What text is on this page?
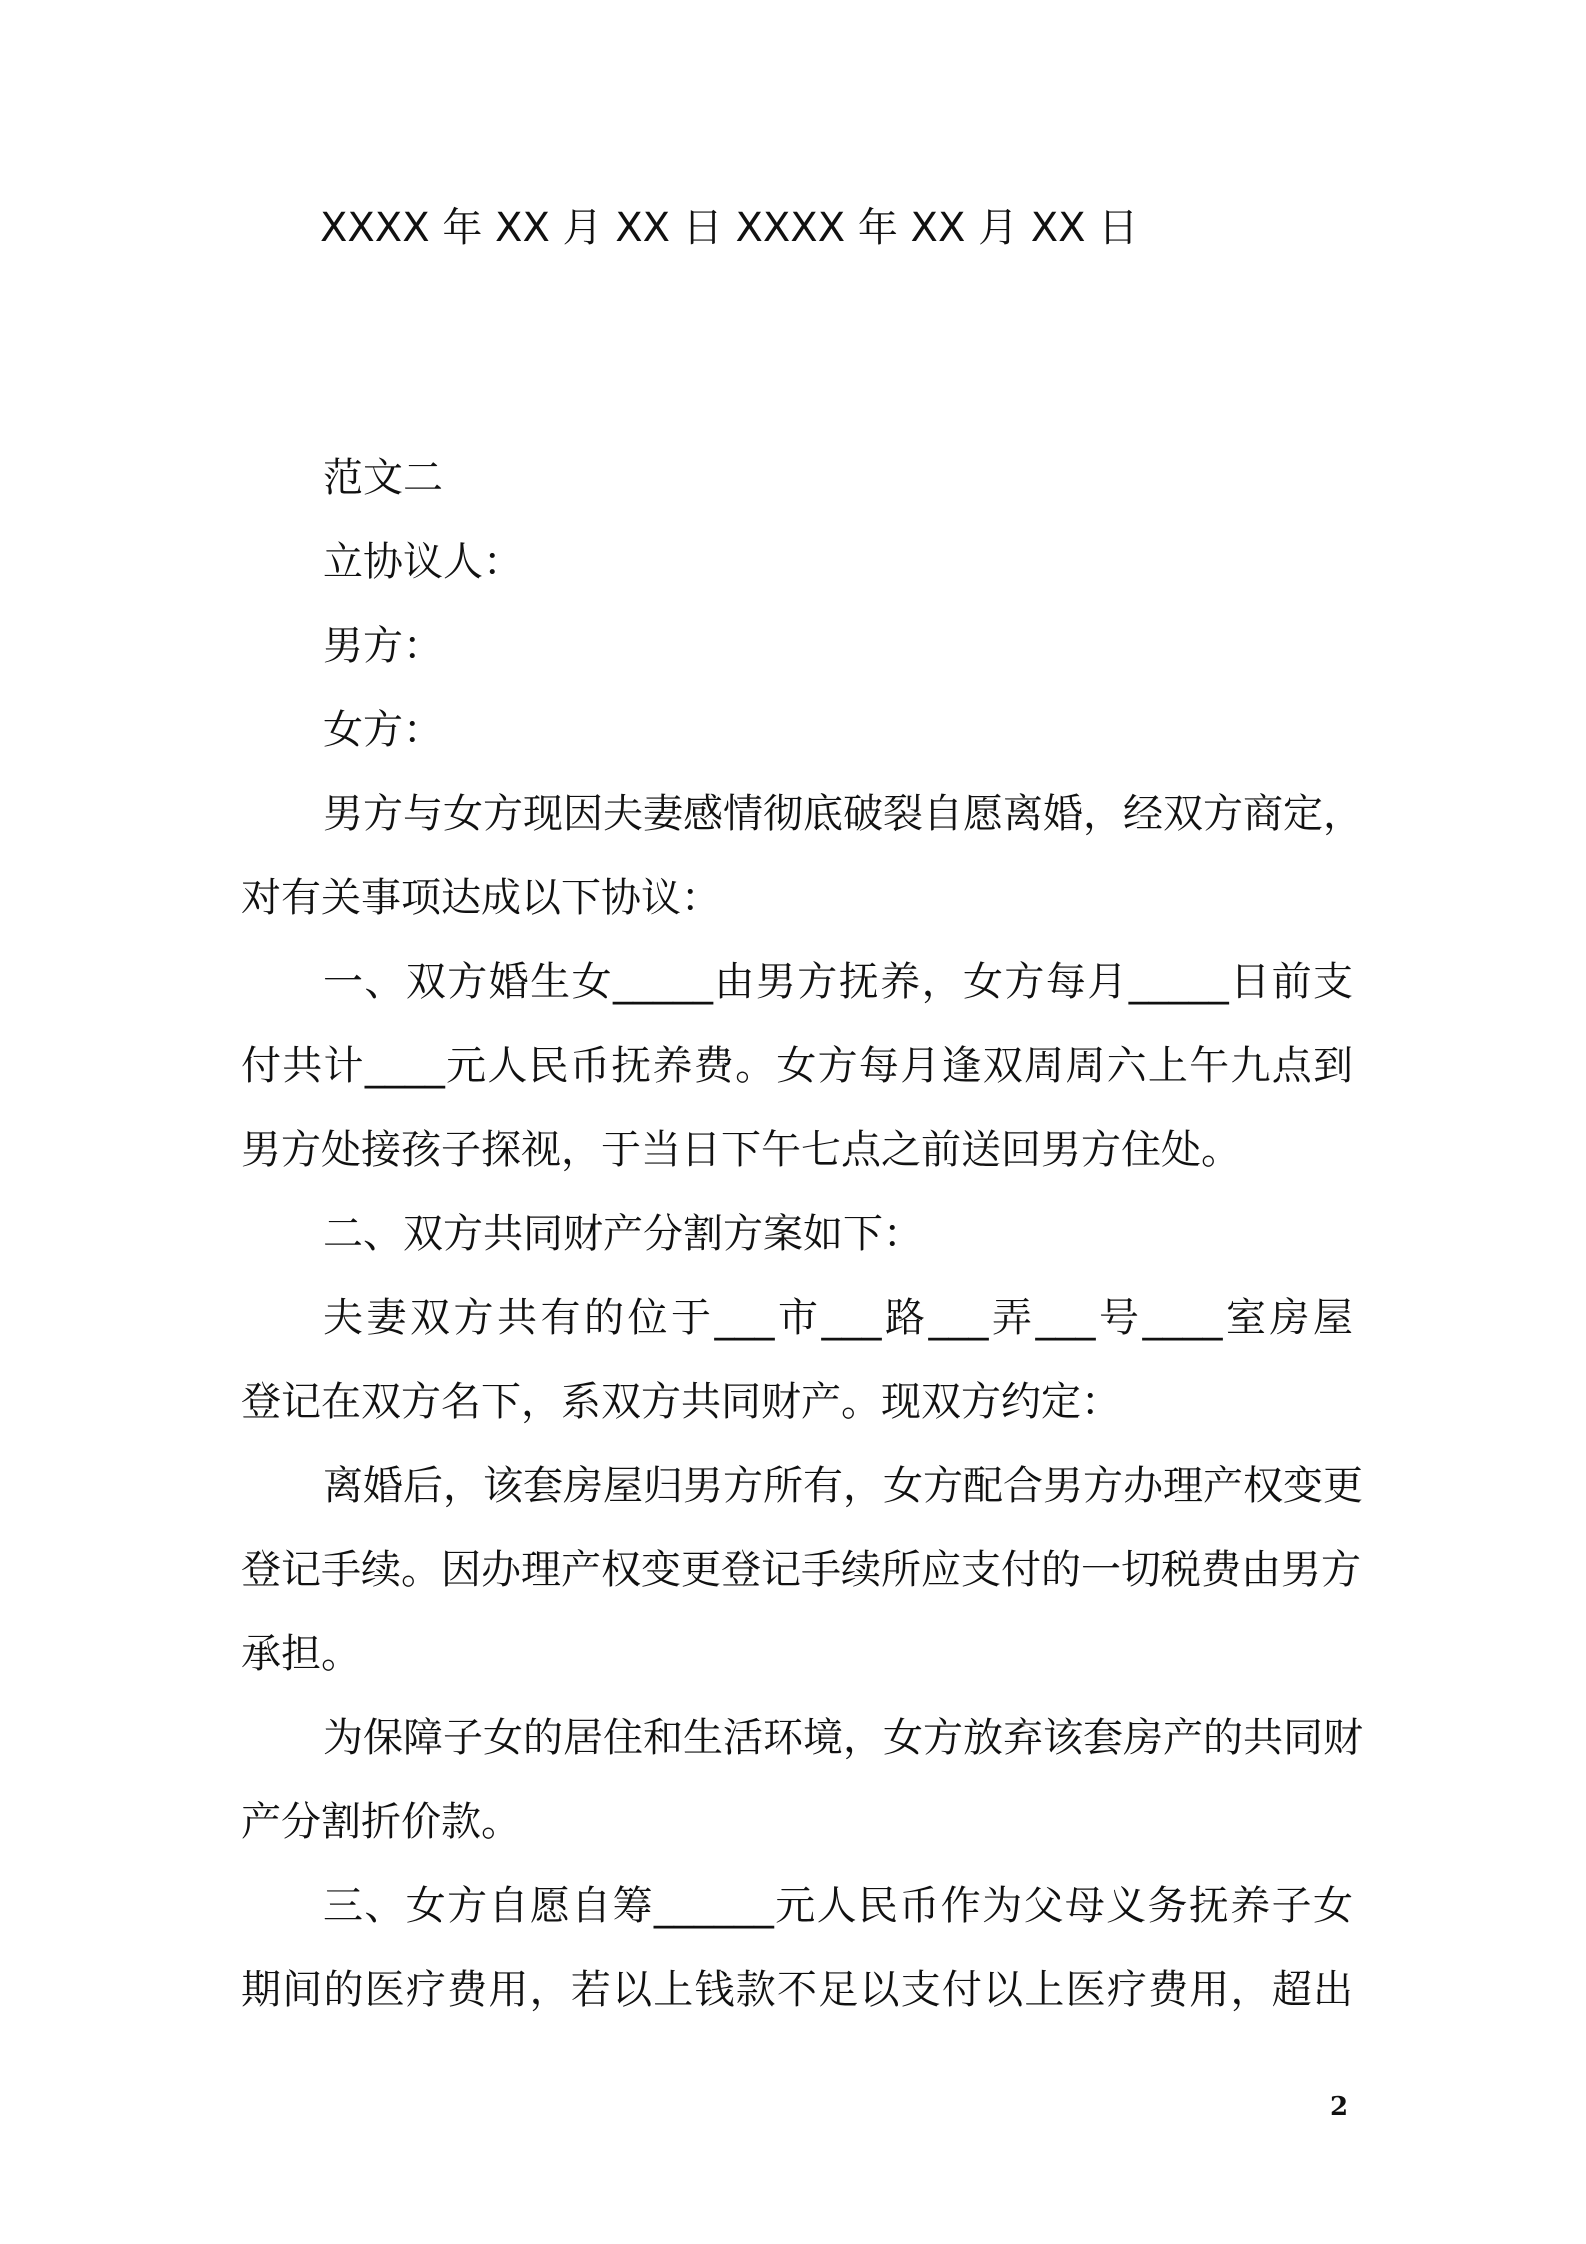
XXXX 年 XX 月 XX 日 XXXX 年 XX 月 XX 日
范文二
立协议人：
男方：
女方：
男方与女方现因夫妻感情彻底破裂自愿离婚，经双方商定，
对有关事项达成以下协议：
一、双方婚生女_____由男方抚养，女方每月_____日前支
付共计____元人民币抚养费。女方每月逢双周周六上午九点到
男方处接孩子探视，于当日下午七点之前送回男方住处。
二、双方共同财产分割方案如下：
夫妻双方共有的位于___市___路___弄___号____室房屋
登记在双方名下，系双方共同财产。现双方约定：
离婚后，该套房屋归男方所有，女方配合男方办理产权变更
登记手续。因办理产权变更登记手续所应支付的一切税费由男方
承担。
为保障子女的居住和生活环境，女方放弃该套房产的共同财
产分割折价款。
三、女方自愿自筹______元人民币作为父母义务抚养子女
期间的医疗费用，若以上钱款不足以支付以上医疗费用，超出
2
